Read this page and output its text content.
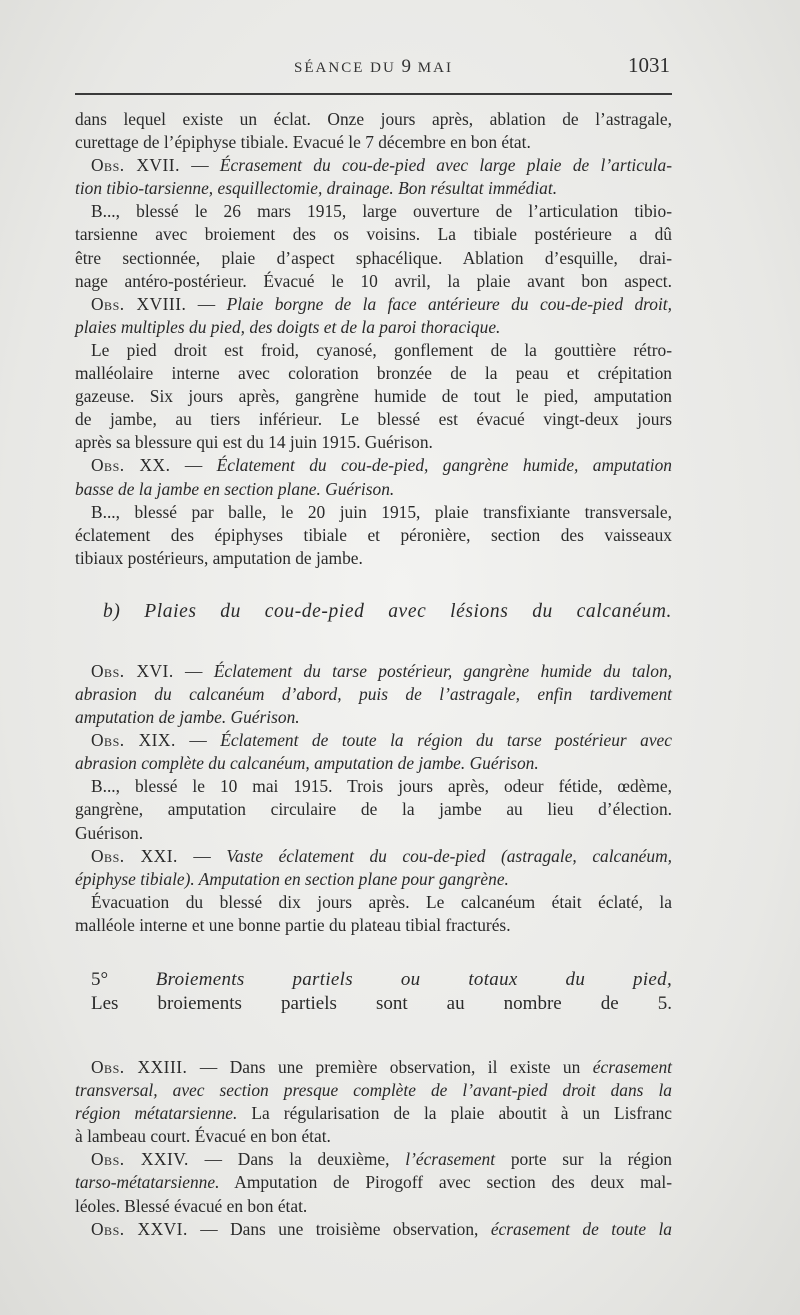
SÉANCE DU 9 MAI	1031

dans lequel existe un éclat. Onze jours après, ablation de l’astragale,

curettage de l’épiphyse tibiale. Evacué le 7 décembre en bon état.

Obs. XVII. — Écrasement du cou-de-pied avec large plaie de l’articula-

tion tibio-tarsienne, esquillectomie, drainage. Bon résultat immédiat.

B..., blessé le 26 mars 1915, large ouverture de l’articulation tibio-

tarsienne avec broiement des os voisins. La tibiale postérieure a dû

être sectionnée, plaie d’aspect sphacélique. Ablation d’esquille, drai-

nage antéro-postérieur. Évacué le 10 avril, la plaie avant bon aspect.

Obs. XVIII. — Plaie borgne de la face antérieure du cou-de-pied droit,

plaies multiples du pied, des doigts et de la paroi thoracique.

Le pied droit est froid, cyanosé, gonflement de la gouttière rétro-

malléolaire interne avec coloration bronzée de la peau et crépitation

gazeuse. Six jours après, gangrène humide de tout le pied, amputation

de jambe, au tiers inférieur. Le blessé est évacué vingt-deux jours

après sa blessure qui est du 14 juin 1915. Guérison.

Obs. XX. — Éclatement du cou-de-pied, gangrène humide, amputation

basse de la jambe en section plane. Guérison.

B..., blessé par balle, le 20 juin 1915, plaie transfixiante transversale,

éclatement des épiphyses tibiale et péronière, section des vaisseaux

tibiaux postérieurs, amputation de jambe.

b) Plaies du cou-de-pied avec lésions du calcanéum.

Obs. XVI. — Éclatement du tarse postérieur, gangrène humide du talon,

abrasion du calcanéum d’abord, puis de l’astragale, enfin tardivement

amputation de jambe. Guérison.

Obs. XIX. — Éclatement de toute la région du tarse postérieur avec

abrasion complète du calcanéum, amputation de jambe. Guérison.

B..., blessé le 10 mai 1915. Trois jours après, odeur fétide, œdème,

gangrène, amputation circulaire de la jambe au lieu d’élection.

Guérison.

Obs. XXI. — Vaste éclatement du cou-de-pied (astragale, calcanéum,

épiphyse tibiale). Amputation en section plane pour gangrène.

Évacuation du blessé dix jours après. Le calcanéum était éclaté, la

malléole interne et une bonne partie du plateau tibial fracturés.

5°	Broiements partiels ou totaux du pied,

Les broiements partiels sont au nombre de 5.

Obs. XXIII. — Dans une première observation, il existe un écrasement

transversal, avec section presque complète de l’avant-pied droit dans la

région métatarsienne. La régularisation de la plaie aboutit à un Lisfranc

à lambeau court. Évacué en bon état.

Obs. XXIV. — Dans la deuxième, l’écrasement porte sur la région

tarso-métatarsienne. Amputation de Pirogoff avec section des deux mal-

léoles. Blessé évacué en bon état.

Obs. XXVI. — Dans une troisième observation, écrasement de toute la
